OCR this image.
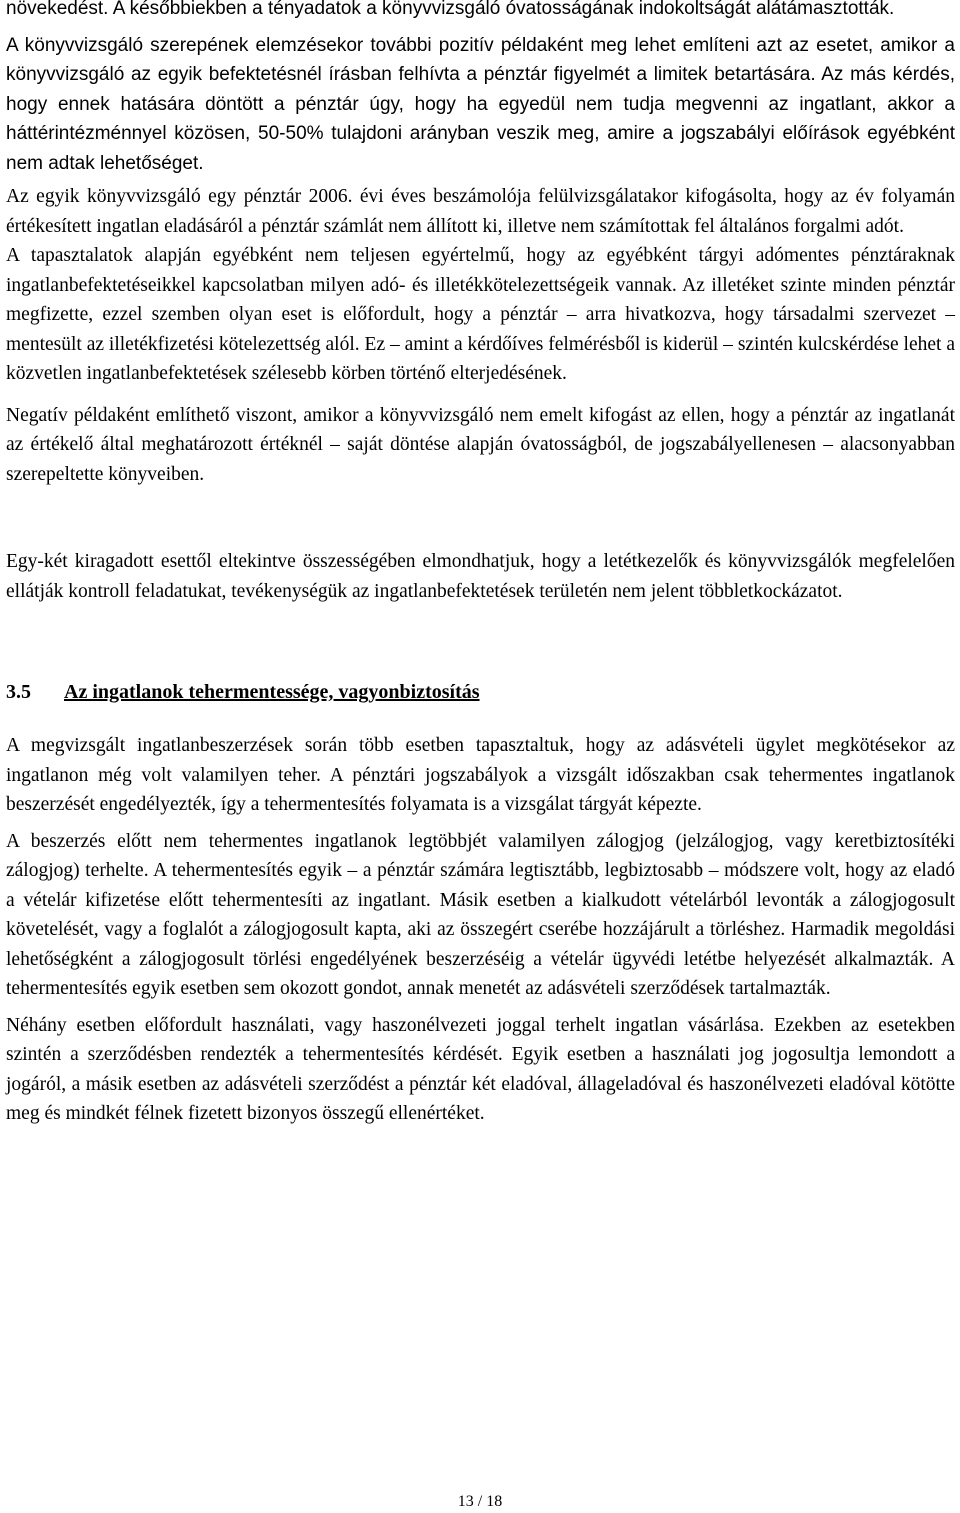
növekedést. A későbbiekben a tényadatok a könyvvizsgáló óvatosságának indokoltságát alátámasztották.

A könyvvizsgáló szerepének elemzésekor további pozitív példaként meg lehet említeni azt az esetet, amikor a könyvvizsgáló az egyik befektetésnél írásban felhívta a pénztár figyelmét a limitek betartására. Az más kérdés, hogy ennek hatására döntött a pénztár úgy, hogy ha egyedül nem tudja megvenni az ingatlant, akkor a háttérintézménnyel közösen, 50-50% tulajdoni arányban veszik meg, amire a jogszabályi előírások egyébként nem adtak lehetőséget.

Az egyik könyvvizsgáló egy pénztár 2006. évi éves beszámolója felülvizsgálatakor kifogásolta, hogy az év folyamán értékesített ingatlan eladásáról a pénztár számlát nem állított ki, illetve nem számítottak fel általános forgalmi adót.

A tapasztalatok alapján egyébként nem teljesen egyértelmű, hogy az egyébként tárgyi adómentes pénztáraknak ingatlanbefektetéseikkel kapcsolatban milyen adó- és illetékkötelezettségeik vannak. Az illetéket szinte minden pénztár megfizette, ezzel szemben olyan eset is előfordult, hogy a pénztár – arra hivatkozva, hogy társadalmi szervezet – mentesült az illetékfizetési kötelezettség alól. Ez – amint a kérdőíves felmérésből is kiderül – szintén kulcskérdése lehet a közvetlen ingatlanbefektetések szélesebb körben történő elterjedésének.

Negatív példaként említhető viszont, amikor a könyvvizsgáló nem emelt kifogást az ellen, hogy a pénztár az ingatlanát az értékelő által meghatározott értéknél – saját döntése alapján óvatosságból, de jogszabályellenesen – alacsonyabban szerepeltette könyveiben.

Egy-két kiragadott esettől eltekintve összességében elmondhatjuk, hogy a letétkezelők és könyvvizsgálók megfelelően ellátják kontroll feladatukat, tevékenységük az ingatlanbefektetések területén nem jelent többletkockázatot.

3.5 Az ingatlanok tehermentessége, vagyonbiztosítás

A megvizsgált ingatlanbeszerzések során több esetben tapasztaltuk, hogy az adásvételi ügylet megkötésekor az ingatlanon még volt valamilyen teher. A pénztári jogszabályok a vizsgált időszakban csak tehermentes ingatlanok beszerzését engedélyezték, így a tehermentesítés folyamata is a vizsgálat tárgyát képezte.

A beszerzés előtt nem tehermentes ingatlanok legtöbbjét valamilyen zálogjog (jelzálogjog, vagy keretbiztosítéki zálogjog) terhelte. A tehermentesítés egyik – a pénztár számára legtisztább, legbiztosabb – módszere volt, hogy az eladó a vételár kifizetése előtt tehermentesíti az ingatlant. Másik esetben a kialkudott vételárból levonták a zálogjogosult követelését, vagy a foglalót a zálogjogosult kapta, aki az összegért cserébe hozzájárult a törléshez. Harmadik megoldási lehetőségként a zálogjogosult törlési engedélyének beszerzéséig a vételár ügyvédi letétbe helyezését alkalmazták. A tehermentesítés egyik esetben sem okozott gondot, annak menetét az adásvételi szerződések tartalmazták.

Néhány esetben előfordult használati, vagy haszonélvezeti joggal terhelt ingatlan vásárlása. Ezekben az esetekben szintén a szerződésben rendezték a tehermentesítés kérdését. Egyik esetben a használati jog jogosultja lemondott a jogáról, a másik esetben az adásvételi szerződést a pénztár két eladóval, állageladóval és haszonélvezeti eladóval kötötte meg és mindkét félnek fizetett bizonyos összegű ellenértéket.

13 / 18
